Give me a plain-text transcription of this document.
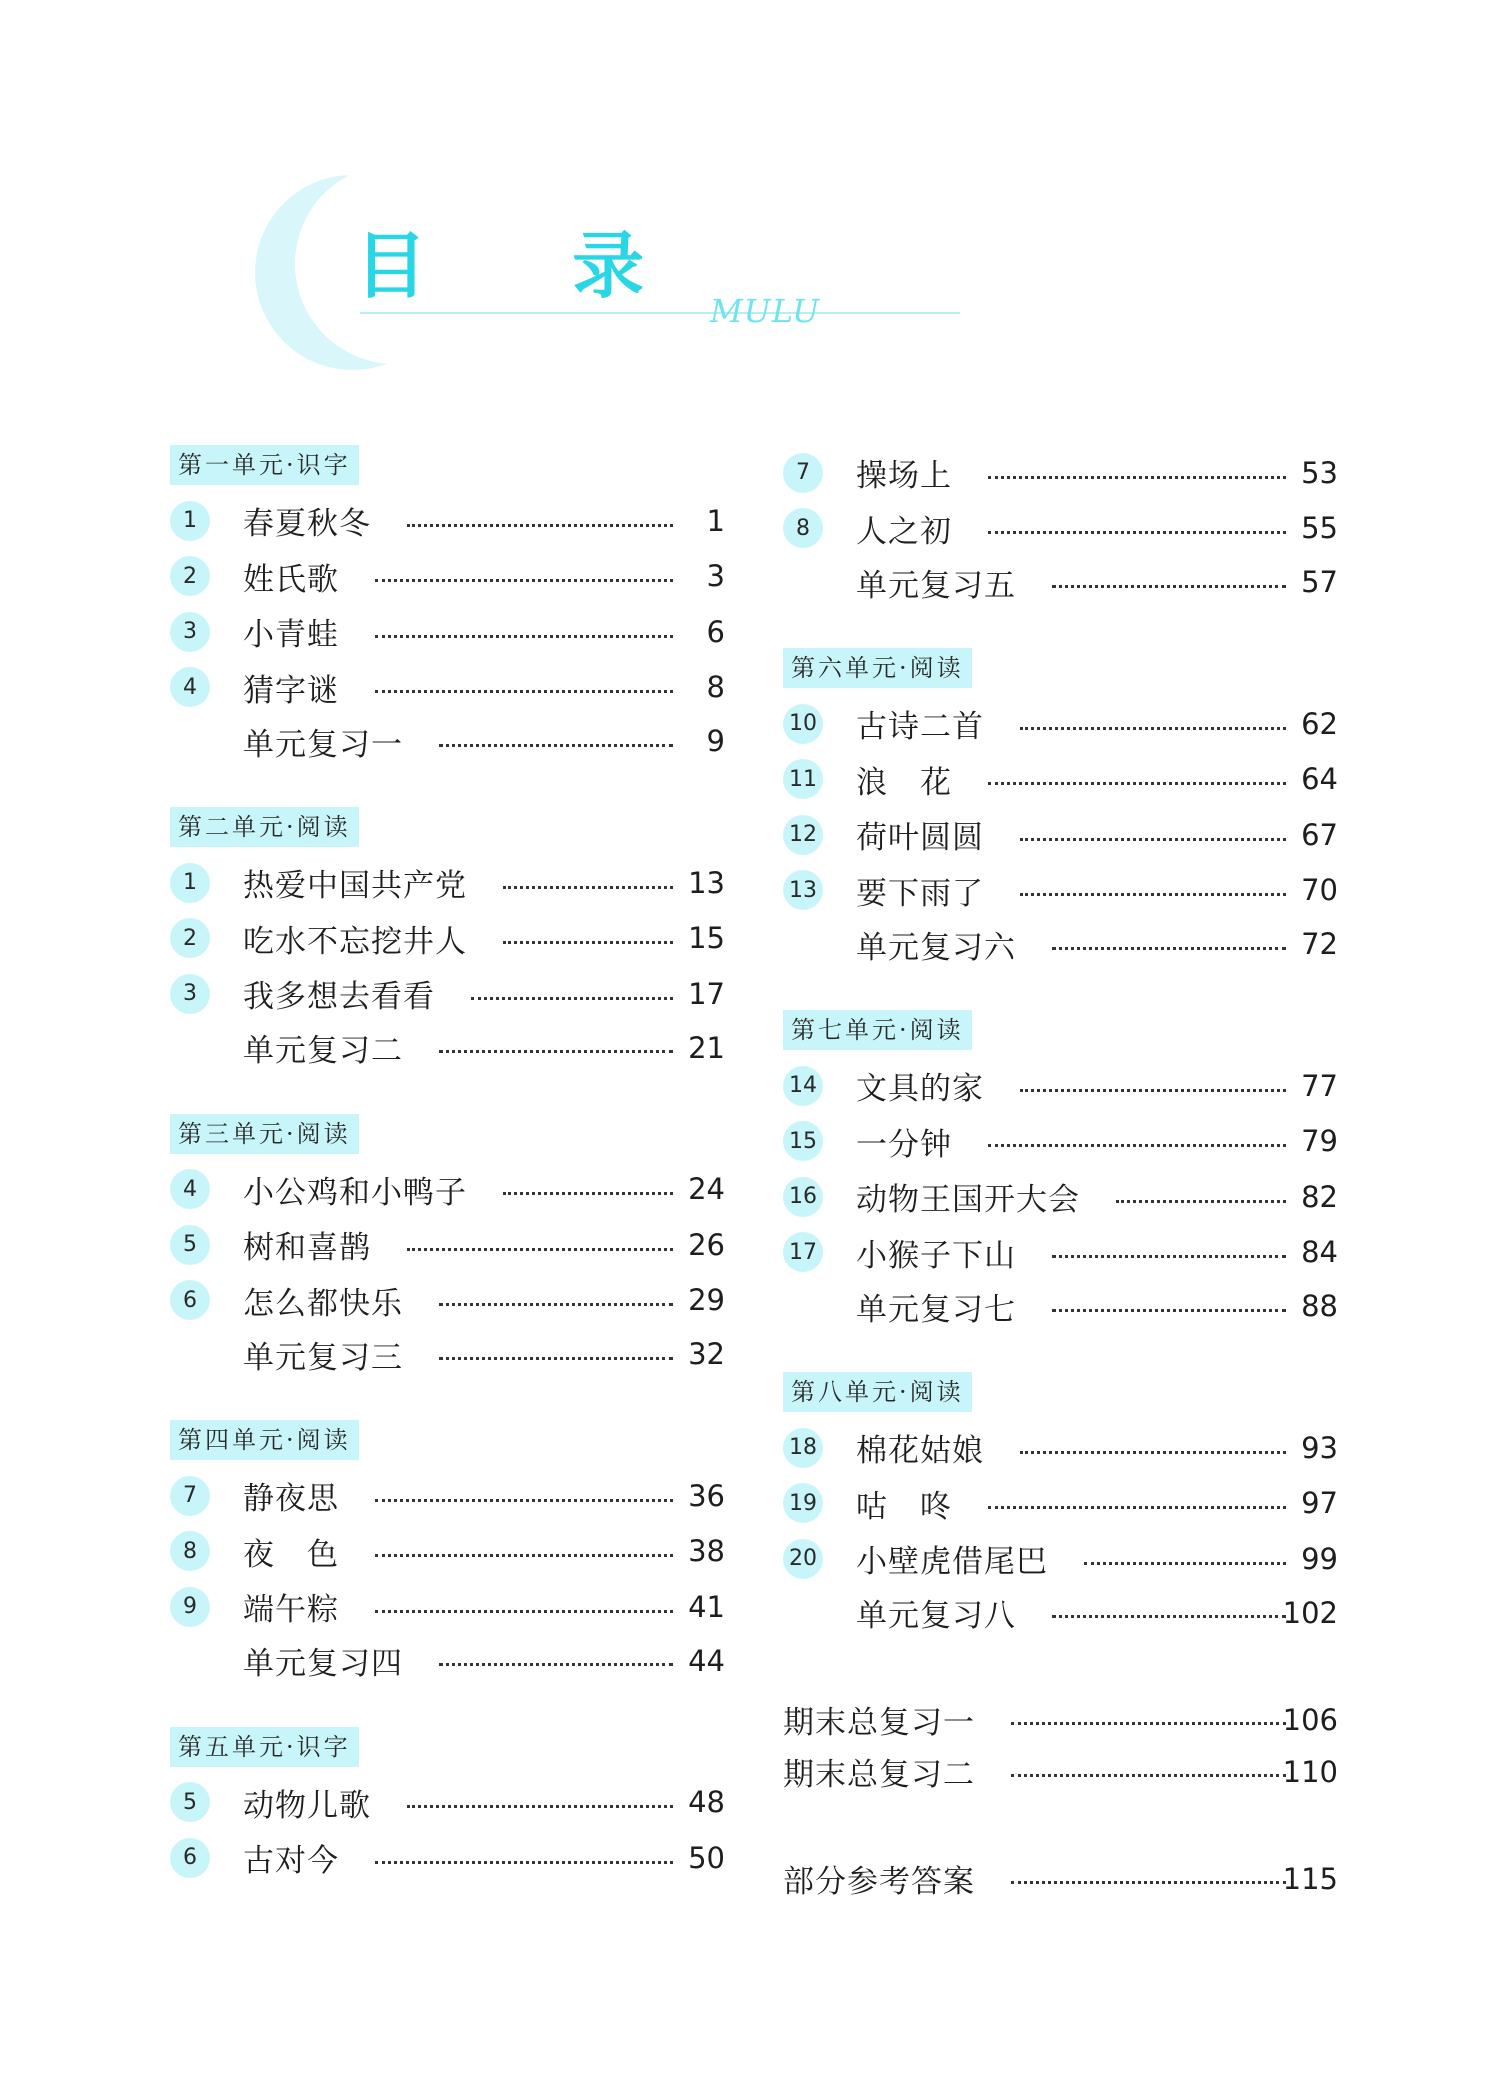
目 录
MULU
第一单元·识字
1	春夏秋冬	1
2	姓氏歌	3
3	小青蛙	6
4	猜字谜	8
单元复习一	9
第二单元·阅读
1	热爱中国共产党	13
2	吃水不忘挖井人	15
3	我多想去看看	17
单元复习二	21
第三单元·阅读
4	小公鸡和小鸭子	24
5	树和喜鹊	26
6	怎么都快乐	29
单元复习三	32
第四单元·阅读
7	静夜思	36
8	夜　色	38
9	端午粽	41
单元复习四	44
第五单元·识字
5	动物儿歌	48
6	古对今	50
7	操场上	53
8	人之初	55
单元复习五	57
第六单元·阅读
10 古诗二首	62
11 浪　花	64
12 荷叶圆圆	67
13 要下雨了	70
单元复习六	72
第七单元·阅读
14 文具的家	77
15 一分钟	79
16 动物王国开大会	82
17 小猴子下山	84
单元复习七	88
第八单元·阅读
18 棉花姑娘	93
19 咕　咚	97
20 小壁虎借尾巴	99
单元复习八	102
期末总复习一	106
期末总复习二	110
部分参考答案	115
